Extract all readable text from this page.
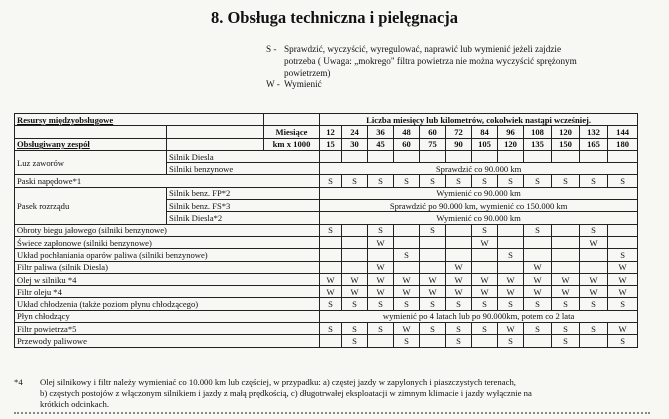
8. Obsługa techniczna i pielęgnacja
S - Sprawdzić, wyczyścić, wyregulować, naprawić lub wymienić jeżeli zajdzie
potrzeba ( Uwaga: „mokrego" filtra powietrza nie można wyczyścić sprężonym
powietrzem)
W - Wymienić
Resursy międzyobsługowe			Liczba miesięcy lub kilometrów, cokolwiek nastąpi wcześniej.											
		Miesiące	12	24	36	48	60	72	84	96	108	120	132	144
Obsługiwany zespół		km x 1000	15	30	45	60	75	90	105	120	135	150	165	180
Luz zaworów	Silnik Diesla													
	Silniki benzynowe		Sprawdzić co 90.000 km											
Paski napędowe*1			S	S	S	S	S	S	S	S	S	S	S	S
Pasek rozrządu	Silnik benz. FP*2		Wymienić co 90.000 km											
	Silnik benz. FS*3		Sprawdzić po 90.000 km, wymienić co 150.000 km											
	Silnik Diesla*2		Wymienić co 90.000 km											
Obroty biegu jałowego (silniki benzynowe)			S		S		S		S		S		S	
Świece zapłonowe (silniki benzynowe)					W				W				W	
Układ pochłaniania oparów paliwa (silniki benzynowe)						S				S				S
Filtr paliwa (silnik Diesla)					W			W			W			W
Olej w silniku *4			W	W	W	W	W	W	W	W	W	W	W	W
Filtr oleju *4			W	W	W	W	W	W	W	W	W	W	W	W
Układ chłodzenia (także poziom płynu chłodzącego)			S	S	S	S	S	S	S	S	S	S	S	S
Płyn chłodzący			wymienić po 4 latach lub po 90.000km, potem co 2 lata											
Filtr powietrza*5			S	S	S	W	S	S	S	W	S	S	S	W
Przewody paliwowe				S		S		S		S		S		S
*4	Olej silnikowy i filtr należy wymieniać co 10.000 km lub częściej, w przypadku: a) częstej jazdy w zapylonych i piaszczystych terenach,
b) częstych postojów z włączonym silnikiem i jazdy z małą prędkością, c) długotrwałej eksploatacji w zimnym klimacie i jazdy wyłącznie na
krótkich odcinkach.
